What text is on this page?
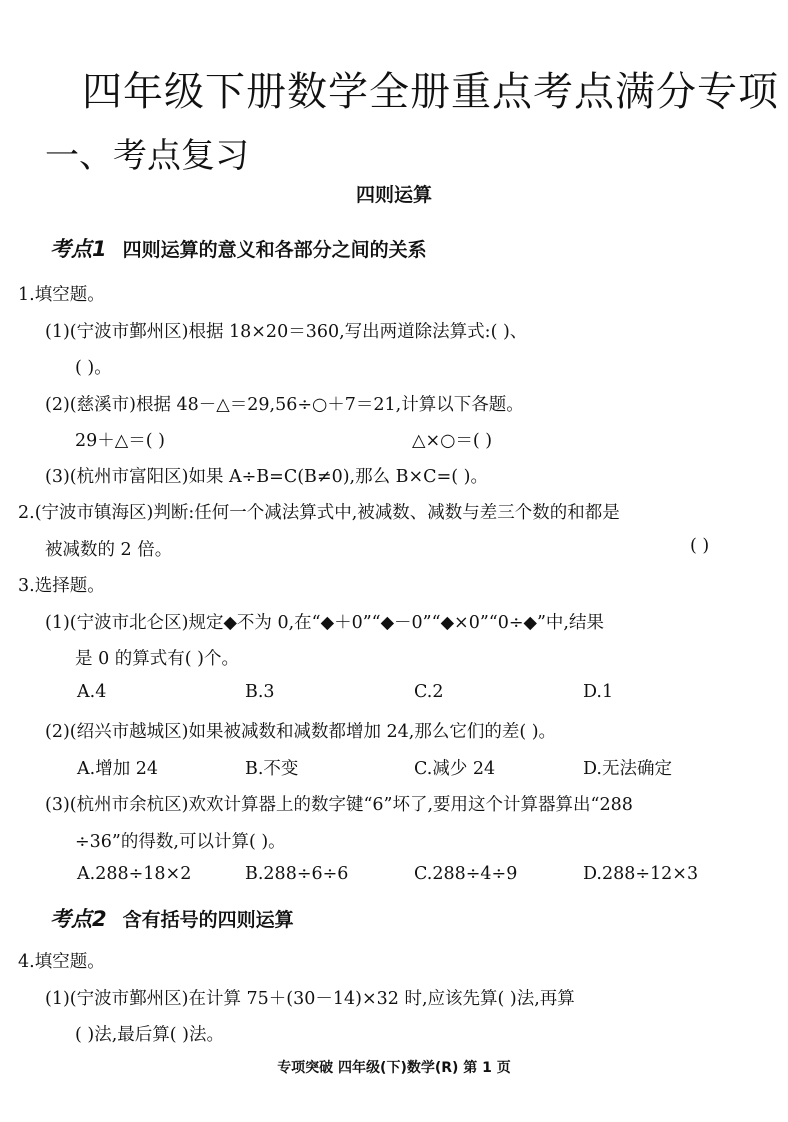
四年级下册数学全册重点考点满分专项
一、考点复习
四则运算
考点1 四则运算的意义和各部分之间的关系
1.填空题。
(1)(宁波市鄞州区)根据 18×20＝360,写出两道除法算式:( )、
( )。
(2)(慈溪市)根据 48－△＝29,56÷○＋7＝21,计算以下各题。
29＋△＝( )	△×○＝( )
(3)(杭州市富阳区)如果 A÷B=C(B≠0),那么 B×C=( )。
2.(宁波市镇海区)判断:任何一个减法算式中,被减数、减数与差三个数的和都是
被减数的 2 倍。	( )
3.选择题。
(1)(宁波市北仑区)规定◆不为 0,在“◆＋0”“◆－0”“◆×0”“0÷◆”中,结果
是 0 的算式有( )个。
A.4	B.3	C.2	D.1
(2)(绍兴市越城区)如果被减数和减数都增加 24,那么它们的差( )。
A.增加 24	B.不变	C.减少 24	D.无法确定
(3)(杭州市余杭区)欢欢计算器上的数字键“6”坏了,要用这个计算器算出“288
÷36”的得数,可以计算( )。
A.288÷18×2	B.288÷6÷6	C.288÷4÷9	D.288÷12×3
考点2 含有括号的四则运算
4.填空题。
(1)(宁波市鄞州区)在计算 75＋(30－14)×32 时,应该先算( )法,再算
( )法,最后算( )法。
专项突破 四年级(下)数学(R) 第 1 页
